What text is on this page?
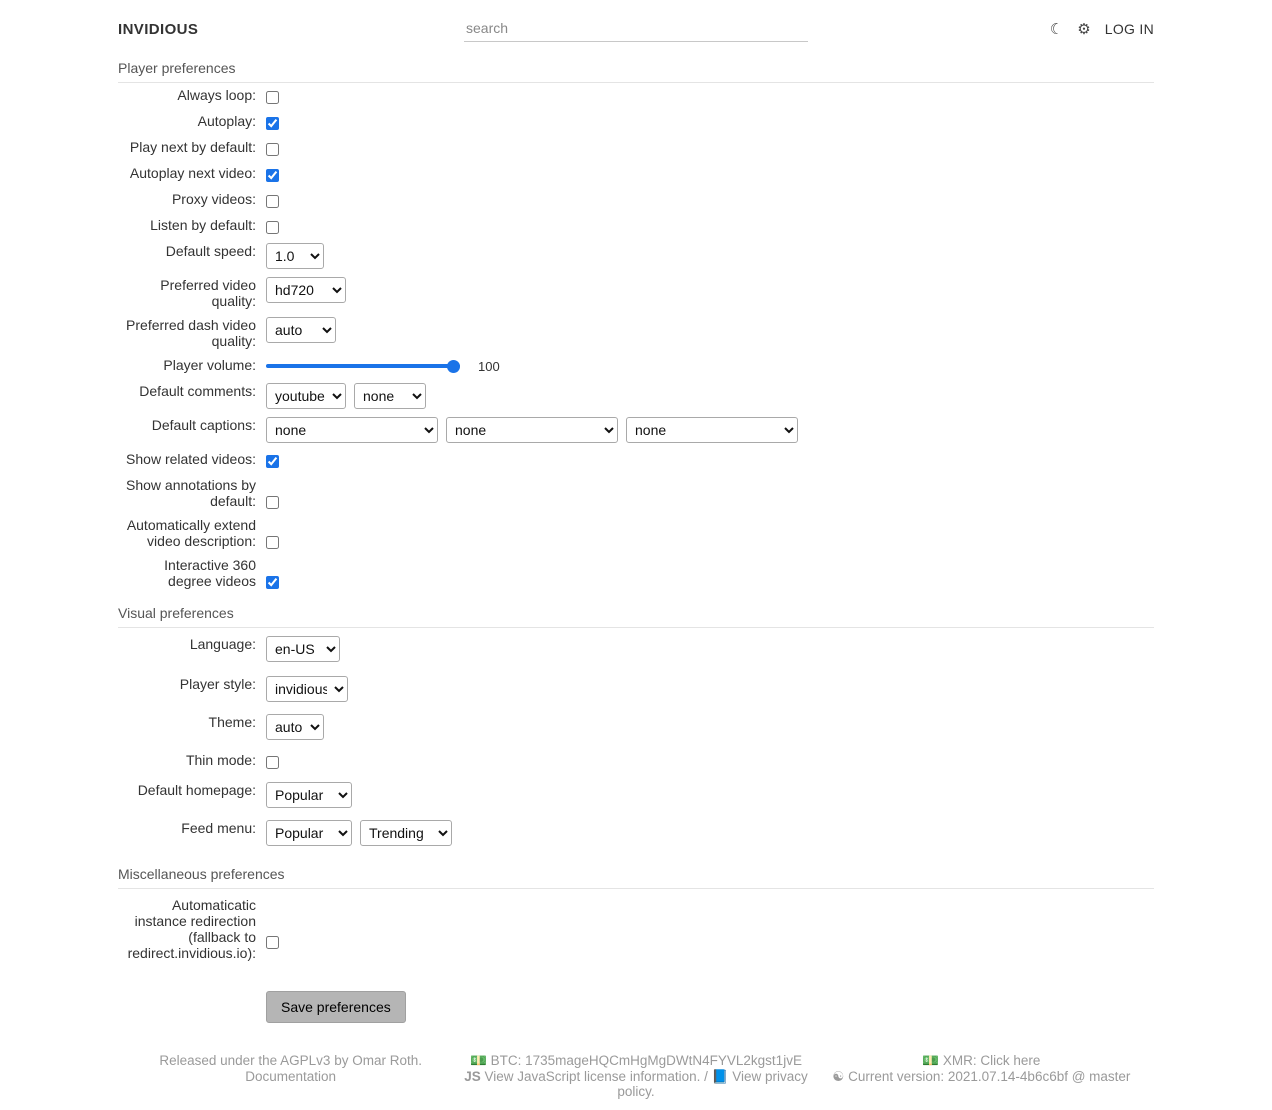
INVIDIOUS
search	☾ ⚙ LOG IN
Player preferences
Always loop:
Autoplay:
Play next by default:
Autoplay next video:
Proxy videos:
Listen by default:
Default speed:
1.0
Preferred video quality:
hd720
Preferred dash video quality:
auto
Player volume:	100
Default comments:
youtube
none
Default captions:
none
none
none
Show related videos:
Show annotations by default:
Automatically extend video description:
Interactive 360 degree videos
Visual preferences
Language:
en-US
Player style:
invidious
Theme:
auto
Thin mode:
Default homepage:
Popular
Feed menu:
Popular
Trending
Miscellaneous preferences
Automaticatic instance redirection (fallback to redirect.invidious.io):
Save preferences
Released under the AGPLv3 by Omar Roth.
Documentation
💵 BTC: 1735mageHQCmHgMgDWtN4FYVL2kgst1jvE
JS View JavaScript license information. / 📘 View privacy policy.
💵 XMR: Click here
☯ Current version: 2021.07.14-4b6c6bf @ master
